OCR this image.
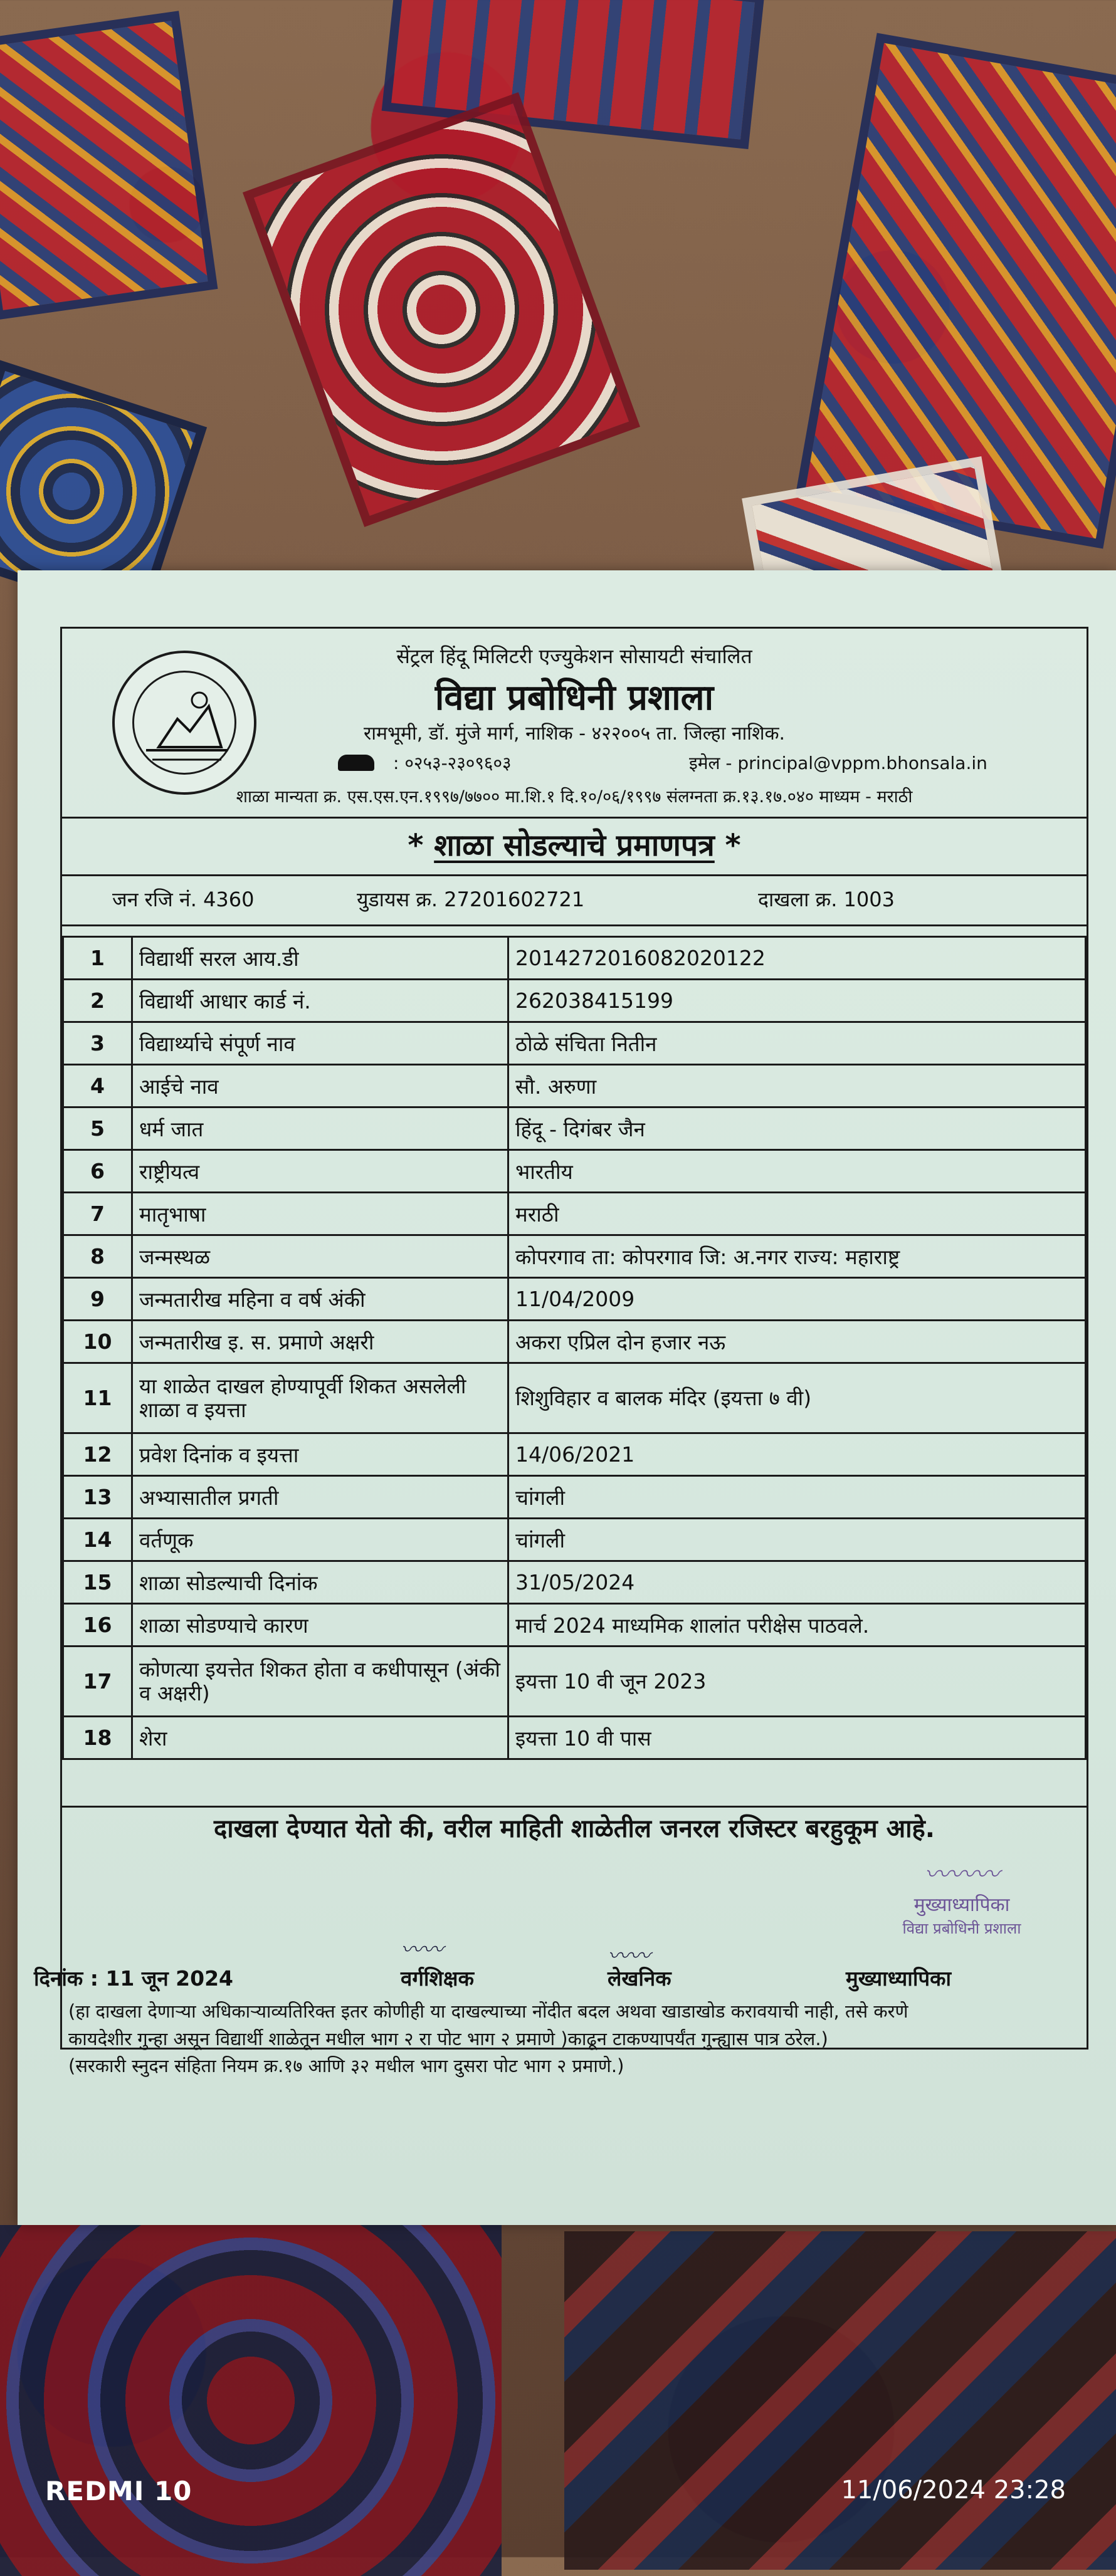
सेंट्रल हिंदू मिलिटरी एज्युकेशन सोसायटी संचालित
विद्या प्रबोधिनी प्रशाला
रामभूमी, डॉ. मुंजे मार्ग, नाशिक - ४२२००५ ता. जिल्हा नाशिक.
: ०२५३-२३०९६०३	इमेल - principal@vppm.bhonsala.in
शाळा मान्यता क्र. एस.एस.एन.१९९७/७७०० मा.शि.१ दि.१०/०६/१९९७ संलग्नता क्र.१३.१७.०४० माध्यम - मराठी
* शाळा सोडल्याचे प्रमाणपत्र *
जन रजि नं. 4360	युडायस क्र. 27201602721	दाखला क्र. 1003
1	विद्यार्थी सरल आय.डी	2014272016082020122
2	विद्यार्थी आधार कार्ड नं.	262038415199
3	विद्यार्थ्याचे संपूर्ण नाव	ठोळे संचिता नितीन
4	आईचे नाव	सौ. अरुणा
5	धर्म जात	हिंदू - दिगंबर जैन
6	राष्ट्रीयत्व	भारतीय
7	मातृभाषा	मराठी
8	जन्मस्थळ	कोपरगाव ता: कोपरगाव जि: अ.नगर राज्य: महाराष्ट्र
9	जन्मतारीख महिना व वर्ष अंकी	11/04/2009
10	जन्मतारीख इ. स. प्रमाणे अक्षरी	अकरा एप्रिल दोन हजार नऊ
11	या शाळेत दाखल होण्यापूर्वी शिकत असलेली शाळा व इयत्ता	शिशुविहार व बालक मंदिर (इयत्ता ७ वी)
12	प्रवेश दिनांक व इयत्ता	14/06/2021
13	अभ्यासातील प्रगती	चांगली
14	वर्तणूक	चांगली
15	शाळा सोडल्याची दिनांक	31/05/2024
16	शाळा सोडण्याचे कारण	मार्च 2024 माध्यमिक शालांत परीक्षेस पाठवले.
17	कोणत्या इयत्तेत शिकत होता व कधीपासून (अंकी व अक्षरी)	इयत्ता 10 वी जून 2023
18	शेरा	इयत्ता 10 वी पास
दाखला देण्यात येतो की, वरील माहिती शाळेतील जनरल रजिस्टर बरहुकूम आहे.
〰〰	〰〰
〰〰〰
मुख्याध्यापिका
विद्या प्रबोधिनी प्रशाला
दिनांक : 11 जून 2024	वर्गशिक्षक	लेखनिक	मुख्याध्यापिका
(हा दाखला देणाऱ्या अधिकाऱ्याव्यतिरिक्त इतर कोणीही या दाखल्याच्या नोंदीत बदल अथवा खाडाखोड करावयाची नाही, तसे करणे
कायदेशीर गुन्हा असून विद्यार्थी शाळेतून मधील भाग २ रा पोट भाग २ प्रमाणे )काढून टाकण्यापर्यंत गुन्ह्यास पात्र ठरेल.)
(सरकारी स्नुदन संहिता नियम क्र.१७ आणि ३२ मधील भाग दुसरा पोट भाग २ प्रमाणे.)
REDMI 10	11/06/2024 23:28
